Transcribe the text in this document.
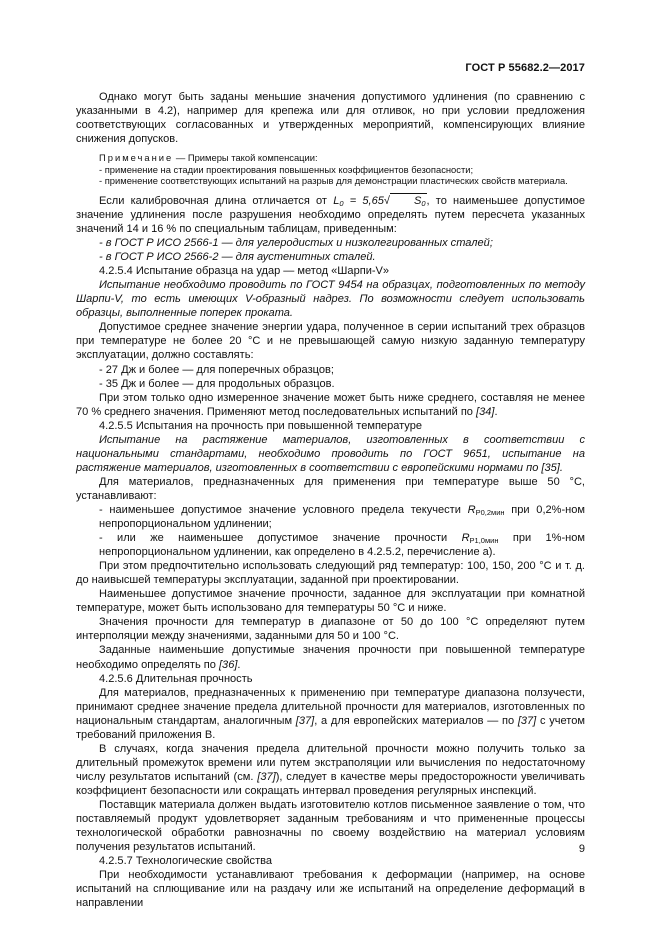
ГОСТ Р 55682.2—2017

Однако могут быть заданы меньшие значения допустимого удлинения (по сравнению с указанными в 4.2), например для крепежа или для отливок, но при условии предложения соответствующих согласованных и утвержденных мероприятий, компенсирующих влияние снижения допусков.

Примечание — Примеры такой компенсации:

- применение на стадии проектирования повышенных коэффициентов безопасности;

- применение соответствующих испытаний на разрыв для демонстрации пластических свойств материала.

Если калибровочная длина отличается от $L_0 = 5,65√$ $S_0$, то наименьшее допустимое значение удлинения после разрушения необходимо определять путем пересчета указанных значений 14 и 16 % по специальным таблицам, приведенным:

- в ГОСТ Р ИСО 2566-1 — для углеродистых и низколегированных сталей;

- в ГОСТ Р ИСО 2566-2 — для аустенитных сталей.

4.2.5.4 Испытание образца на удар — метод «Шарпи-V»

Испытание необходимо проводить по ГОСТ 9454 на образцах, подготовленных по методу Шарпи-V, то есть имеющих V-образный надрез. По возможности следует использовать образцы, выполненные поперек проката.

Допустимое среднее значение энергии удара, полученное в серии испытаний трех образцов при температуре не более 20 °С и не превышающей самую низкую заданную температуру эксплуатации, должно составлять:

- 27 Дж и более — для поперечных образцов;

- 35 Дж и более — для продольных образцов.

При этом только одно измеренное значение может быть ниже среднего, составляя не менее 70 % среднего значения. Применяют метод последовательных испытаний по [34].

4.2.5.5 Испытания на прочность при повышенной температуре

Испытание на растяжение материалов, изготовленных в соответствии с национальными стандартами, необходимо проводить по ГОСТ 9651, испытание на растяжение материалов, изготовленных в соответствии с европейскими нормами по [35].

Для материалов, предназначенных для применения при температуре выше 50 °С, устанавливают:

- наименьшее допустимое значение условного предела текучести $R_{P0,2мин}$ при 0,2%-ном непропорциональном удлинении;

- или же наименьшее допустимое значение прочности $R_{P1,0мин}$ при 1%-ном непропорциональном удлинении, как определено в 4.2.5.2, перечисление а).

При этом предпочтительно использовать следующий ряд температур: 100, 150, 200 °С и т. д. до наивысшей температуры эксплуатации, заданной при проектировании.

Наименьшее допустимое значение прочности, заданное для эксплуатации при комнатной температуре, может быть использовано для температуры 50 °С и ниже.

Значения прочности для температур в диапазоне от 50 до 100 °С определяют путем интерполяции между значениями, заданными для 50 и 100 °С.

Заданные наименьшие допустимые значения прочности при повышенной температуре необходимо определять по [36].

4.2.5.6 Длительная прочность

Для материалов, предназначенных к применению при температуре диапазона ползучести, принимают среднее значение предела длительной прочности для материалов, изготовленных по национальным стандартам, аналогичным [37], а для европейских материалов — по [37] с учетом требований приложения В.

В случаях, когда значения предела длительной прочности можно получить только за длительный промежуток времени или путем экстраполяции или вычисления по недостаточному числу результатов испытаний (см. [37]), следует в качестве меры предосторожности увеличивать коэффициент безопасности или сокращать интервал проведения регулярных инспекций.

Поставщик материала должен выдать изготовителю котлов письменное заявление о том, что поставляемый продукт удовлетворяет заданным требованиям и что примененные процессы технологической обработки равнозначны по своему воздействию на материал условиям получения результатов испытаний.

4.2.5.7 Технологические свойства

При необходимости устанавливают требования к деформации (например, на основе испытаний на сплющивание или на раздачу или же испытаний на определение деформаций в направлении

9
